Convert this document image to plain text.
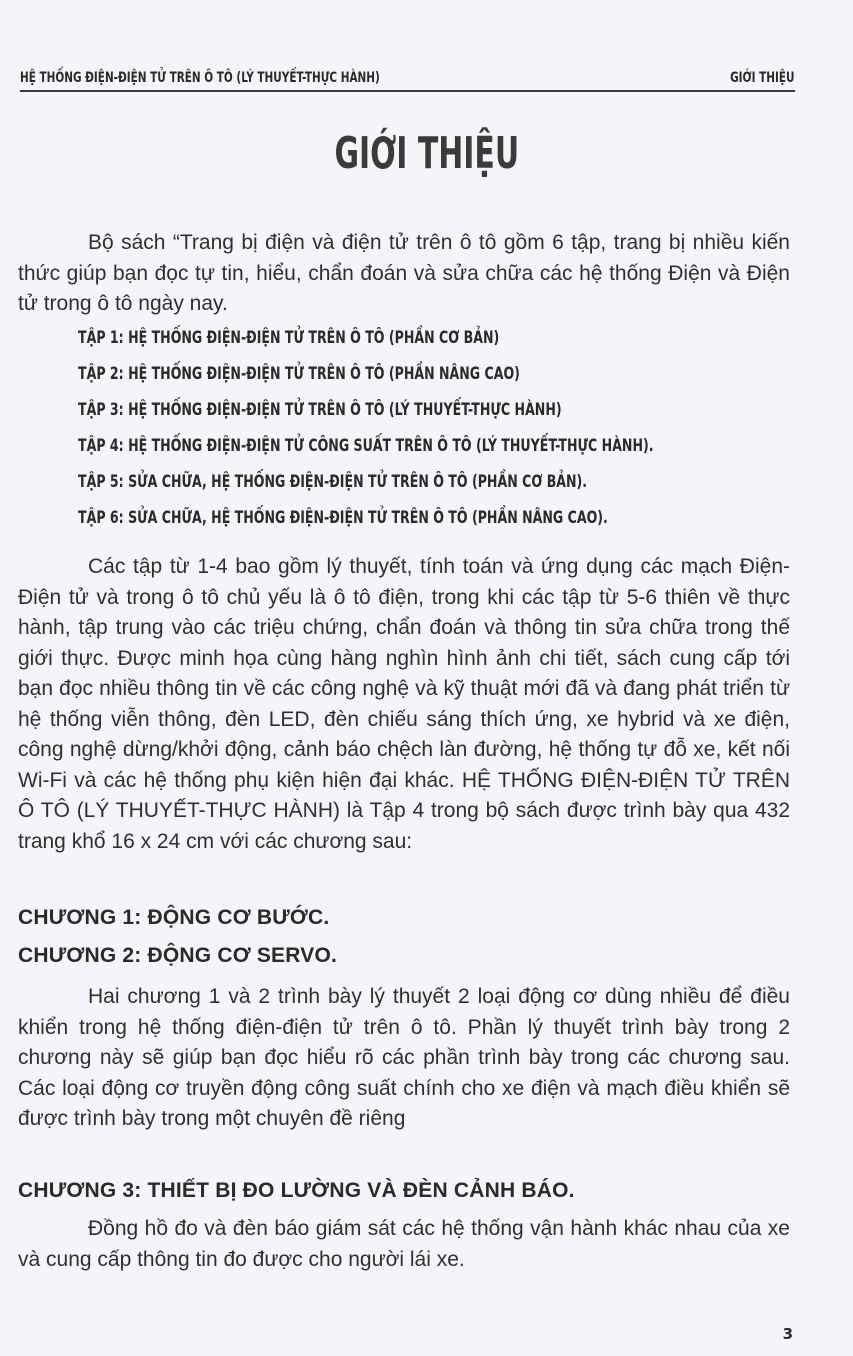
HỆ THỐNG ĐIỆN-ĐIỆN TỬ TRÊN Ô TÔ (LÝ THUYẾT-THỰC HÀNH)	GIỚI THIỆU
GIỚI THIỆU

Bộ sách “Trang bị điện và điện tử trên ô tô gồm 6 tập, trang bị nhiều kiến thức giúp bạn đọc tự tin, hiểu, chẩn đoán và sửa chữa các hệ thống Điện và Điện tử trong ô tô ngày nay.

TẬP 1: HỆ THỐNG ĐIỆN-ĐIỆN TỬ TRÊN Ô TÔ (PHẦN CƠ BẢN)
TẬP 2: HỆ THỐNG ĐIỆN-ĐIỆN TỬ TRÊN Ô TÔ (PHẦN NÂNG CAO)
TẬP 3: HỆ THỐNG ĐIỆN-ĐIỆN TỬ TRÊN Ô TÔ (LÝ THUYẾT-THỰC HÀNH)
TẬP 4: HỆ THỐNG ĐIỆN-ĐIỆN TỬ CÔNG SUẤT TRÊN Ô TÔ (LÝ THUYẾT-THỰC HÀNH).
TẬP 5: SỬA CHỮA, HỆ THỐNG ĐIỆN-ĐIỆN TỬ TRÊN Ô TÔ (PHẦN CƠ BẢN).
TẬP 6: SỬA CHỮA, HỆ THỐNG ĐIỆN-ĐIỆN TỬ TRÊN Ô TÔ (PHẦN NÂNG CAO).

Các tập từ 1-4 bao gồm lý thuyết, tính toán và ứng dụng các mạch Điện-Điện tử và trong ô tô chủ yếu là ô tô điện, trong khi các tập từ 5-6 thiên về thực hành, tập trung vào các triệu chứng, chẩn đoán và thông tin sửa chữa trong thế giới thực. Được minh họa cùng hàng nghìn hình ảnh chi tiết, sách cung cấp tới bạn đọc nhiều thông tin về các công nghệ và kỹ thuật mới đã và đang phát triển từ hệ thống viễn thông, đèn LED, đèn chiếu sáng thích ứng, xe hybrid và xe điện, công nghệ dừng/khởi động, cảnh báo chệch làn đường, hệ thống tự đỗ xe, kết nối Wi-Fi và các hệ thống phụ kiện hiện đại khác. HỆ THỐNG ĐIỆN-ĐIỆN TỬ TRÊN Ô TÔ (LÝ THUYẾT-THỰC HÀNH) là Tập 4 trong bộ sách được trình bày qua 432 trang khổ 16 x 24 cm với các chương sau:

CHƯƠNG 1: ĐỘNG CƠ BƯỚC.
CHƯƠNG 2: ĐỘNG CƠ SERVO.

Hai chương 1 và 2 trình bày lý thuyết 2 loại động cơ dùng nhiều để điều khiển trong hệ thống điện-điện tử trên ô tô. Phần lý thuyết trình bày trong 2 chương này sẽ giúp bạn đọc hiểu rõ các phần trình bày trong các chương sau. Các loại động cơ truyền động công suất chính cho xe điện và mạch điều khiển sẽ được trình bày trong một chuyên đề riêng

CHƯƠNG 3: THIẾT BỊ ĐO LƯỜNG VÀ ĐÈN CẢNH BÁO.

Đồng hồ đo và đèn báo giám sát các hệ thống vận hành khác nhau của xe và cung cấp thông tin đo được cho người lái xe.

3
